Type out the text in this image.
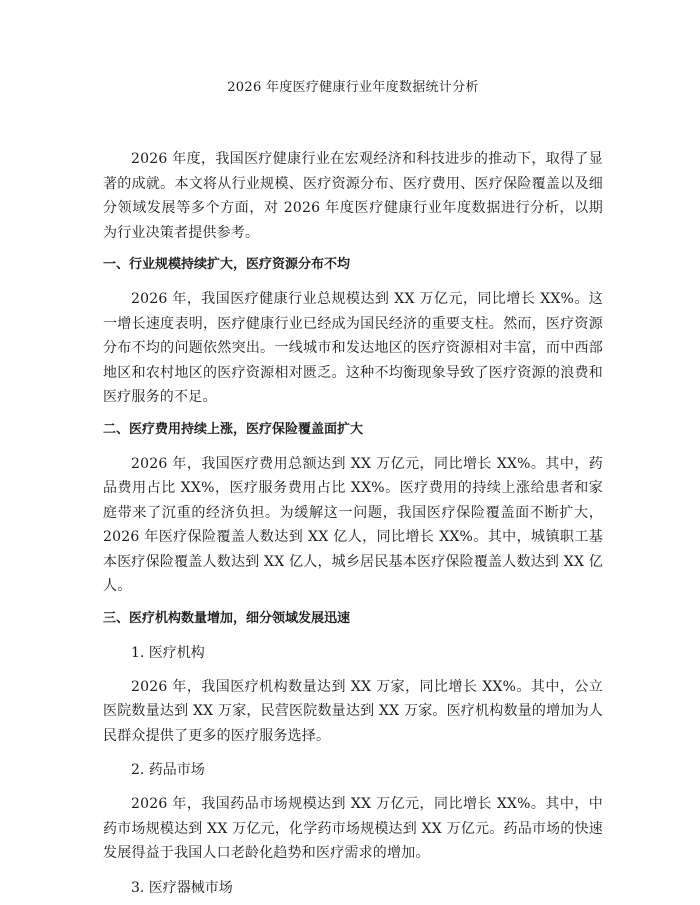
2026 年度医疗健康行业年度数据统计分析

2026 年度，我国医疗健康行业在宏观经济和科技进步的推动下，取得了显著的成就。本文将从行业规模、医疗资源分布、医疗费用、医疗保险覆盖以及细分领域发展等多个方面，对 2026 年度医疗健康行业年度数据进行分析，以期为行业决策者提供参考。

一、行业规模持续扩大，医疗资源分布不均

2026 年，我国医疗健康行业总规模达到 XX 万亿元，同比增长 XX%。这一增长速度表明，医疗健康行业已经成为国民经济的重要支柱。然而，医疗资源分布不均的问题依然突出。一线城市和发达地区的医疗资源相对丰富，而中西部地区和农村地区的医疗资源相对匮乏。这种不均衡现象导致了医疗资源的浪费和医疗服务的不足。

二、医疗费用持续上涨，医疗保险覆盖面扩大

2026 年，我国医疗费用总额达到 XX 万亿元，同比增长 XX%。其中，药品费用占比 XX%，医疗服务费用占比 XX%。医疗费用的持续上涨给患者和家庭带来了沉重的经济负担。为缓解这一问题，我国医疗保险覆盖面不断扩大，2026 年医疗保险覆盖人数达到 XX 亿人，同比增长 XX%。其中，城镇职工基本医疗保险覆盖人数达到 XX 亿人，城乡居民基本医疗保险覆盖人数达到 XX 亿人。

三、医疗机构数量增加，细分领域发展迅速
1. 医疗机构

2026 年，我国医疗机构数量达到 XX 万家，同比增长 XX%。其中，公立医院数量达到 XX 万家，民营医院数量达到 XX 万家。医疗机构数量的增加为人民群众提供了更多的医疗服务选择。

2. 药品市场

2026 年，我国药品市场规模达到 XX 万亿元，同比增长 XX%。其中，中药市场规模达到 XX 万亿元，化学药市场规模达到 XX 万亿元。药品市场的快速发展得益于我国人口老龄化趋势和医疗需求的增加。

3. 医疗器械市场
